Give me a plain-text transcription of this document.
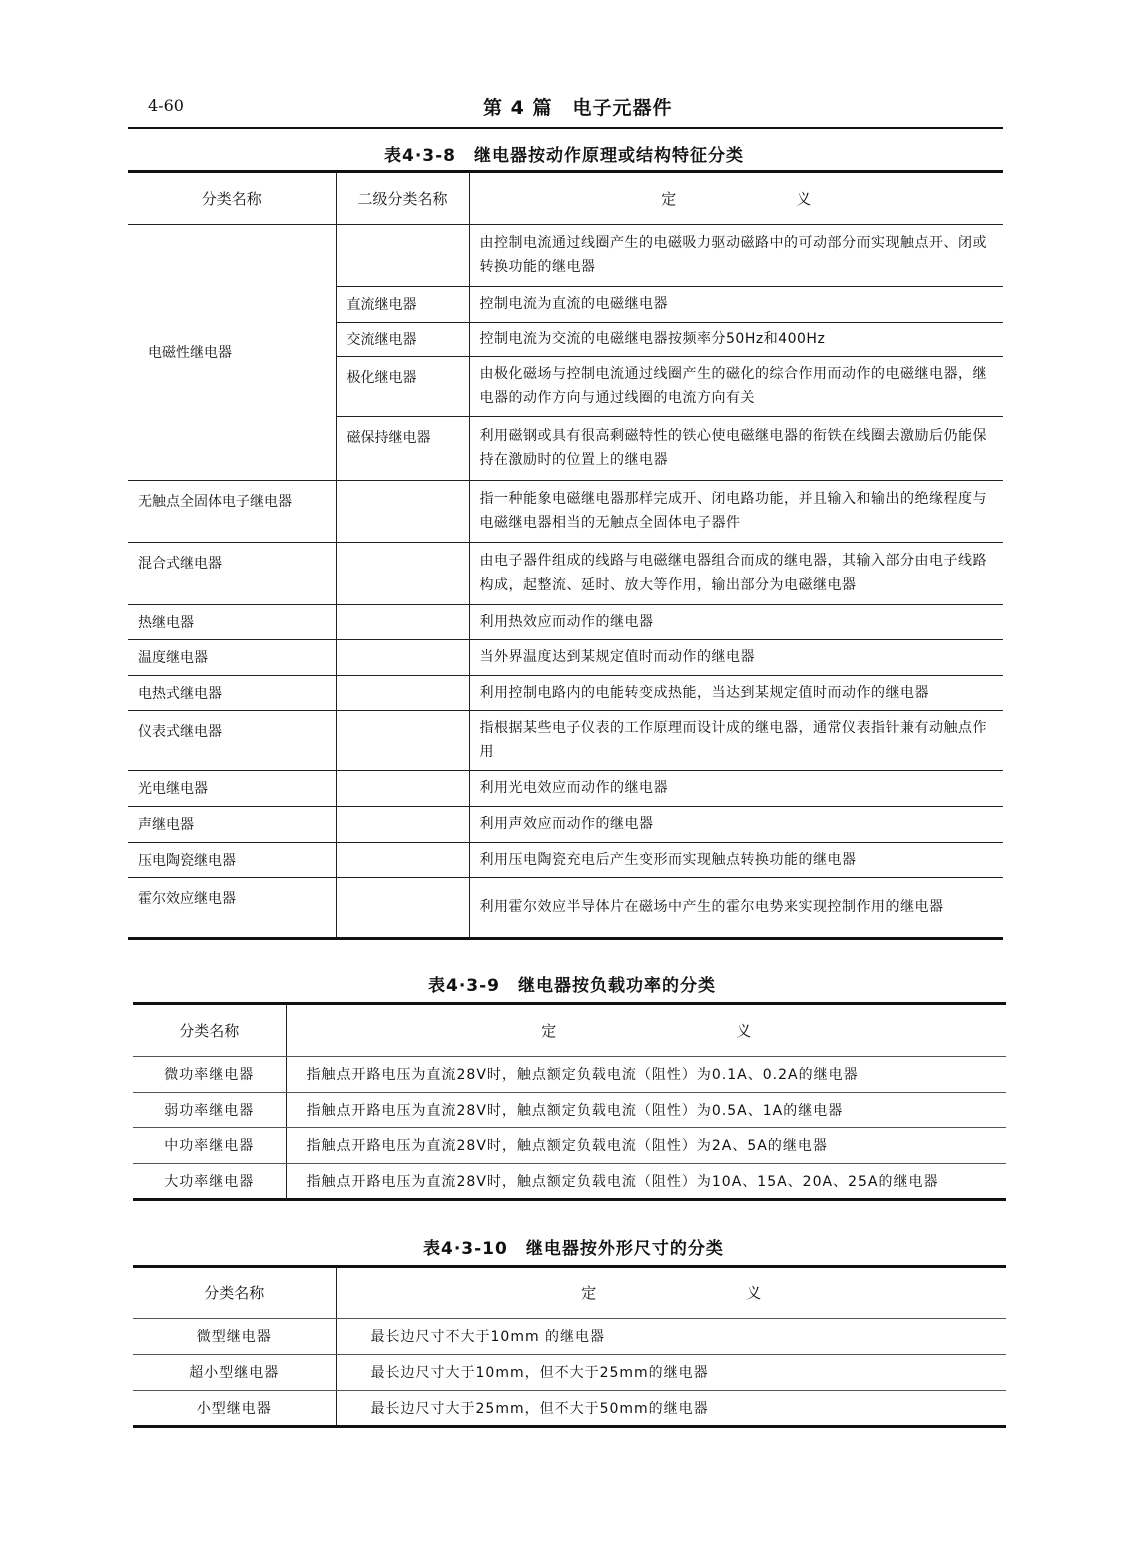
4-60	第 4 篇　电子元器件
表4·3-8　继电器按动作原理或结构特征分类
分类名称	二级分类名称	定　　　　　　　　义
电磁性继电器		由控制电流通过线圈产生的电磁吸力驱动磁路中的可动部分而实现触点开、闭或转换功能的继电器
	直流继电器	控制电流为直流的电磁继电器
	交流继电器	控制电流为交流的电磁继电器按频率分50Hz和400Hz
	极化继电器	由极化磁场与控制电流通过线圈产生的磁化的综合作用而动作的电磁继电器，继电器的动作方向与通过线圈的电流方向有关
	磁保持继电器	利用磁钢或具有很高剩磁特性的铁心使电磁继电器的衔铁在线圈去激励后仍能保持在激励时的位置上的继电器
无触点全固体电子继电器		指一种能象电磁继电器那样完成开、闭电路功能，并且输入和输出的绝缘程度与电磁继电器相当的无触点全固体电子器件
混合式继电器		由电子器件组成的线路与电磁继电器组合而成的继电器，其输入部分由电子线路构成，起整流、延时、放大等作用，输出部分为电磁继电器
热继电器		利用热效应而动作的继电器
温度继电器		当外界温度达到某规定值时而动作的继电器
电热式继电器		利用控制电路内的电能转变成热能，当达到某规定值时而动作的继电器
仪表式继电器		指根据某些电子仪表的工作原理而设计成的继电器，通常仪表指针兼有动触点作用
光电继电器		利用光电效应而动作的继电器
声继电器		利用声效应而动作的继电器
压电陶瓷继电器		利用压电陶瓷充电后产生变形而实现触点转换功能的继电器
霍尔效应继电器		利用霍尔效应半导体片在磁场中产生的霍尔电势来实现控制作用的继电器
表4·3-9　继电器按负载功率的分类
分类名称	定　　　　　　　　　　　　义
微功率继电器	指触点开路电压为直流28V时，触点额定负载电流（阻性）为0.1A、0.2A的继电器
弱功率继电器	指触点开路电压为直流28V时，触点额定负载电流（阻性）为0.5A、1A的继电器
中功率继电器	指触点开路电压为直流28V时，触点额定负载电流（阻性）为2A、5A的继电器
大功率继电器	指触点开路电压为直流28V时，触点额定负载电流（阻性）为10A、15A、20A、25A的继电器
表4·3-10　继电器按外形尺寸的分类
分类名称	定　　　　　　　　　　义
微型继电器	最长边尺寸不大于10mm 的继电器
超小型继电器	最长边尺寸大于10mm，但不大于25mm的继电器
小型继电器	最长边尺寸大于25mm，但不大于50mm的继电器
